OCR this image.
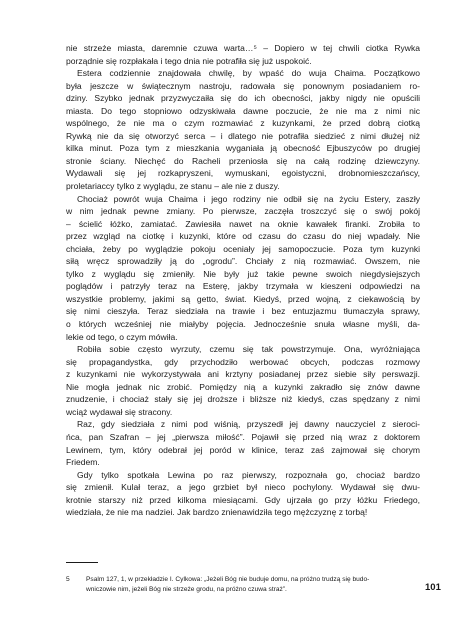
nie strzeże miasta, daremnie czuwa warta…⁵ – Dopiero w tej chwili ciotka Rywka
porządnie się rozpłakała i tego dnia nie potrafiła się już uspokoić.
Estera codziennie znajdowała chwilę, by wpaść do wuja Chaima. Początkowo
była jeszcze w świątecznym nastroju, radowała się ponownym posiadaniem ro-
dziny. Szybko jednak przyzwyczaiła się do ich obecności, jakby nigdy nie opuścili
miasta. Do tego stopniowo odzyskiwała dawne poczucie, że nie ma z nimi nic
wspólnego, że nie ma o czym rozmawiać z kuzynkami, że przed dobrą ciotką
Rywką nie da się otworzyć serca – i dlatego nie potrafiła siedzieć z nimi dłużej niż
kilka minut. Poza tym z mieszkania wyganiała ją obecność Ejbuszyców po drugiej
stronie ściany. Niechęć do Racheli przeniosła się na całą rodzinę dziewczyny.
Wydawali się jej rozkapryszeni, wymuskani, egoistyczni, drobnomieszczańscy,
proletariaccy tylko z wyglądu, ze stanu – ale nie z duszy.
Chociaż powrót wuja Chaima i jego rodziny nie odbił się na życiu Estery, zaszły
w nim jednak pewne zmiany. Po pierwsze, zaczęła troszczyć się o swój pokój
– ścielić łóżko, zamiatać. Zawiesiła nawet na oknie kawałek firanki. Zrobiła to
przez wzgląd na ciotkę i kuzynki, które od czasu do czasu do niej wpadały. Nie
chciała, żeby po wyglądzie pokoju oceniały jej samopoczucie. Poza tym kuzynki
siłą wręcz sprowadziły ją do „ogrodu”. Chciały z nią rozmawiać. Owszem, nie
tylko z wyglądu się zmieniły. Nie były już takie pewne swoich niegdysiejszych
poglądów i patrzyły teraz na Esterę, jakby trzymała w kieszeni odpowiedzi na
wszystkie problemy, jakimi są getto, świat. Kiedyś, przed wojną, z ciekawością by
się nimi cieszyła. Teraz siedziała na trawie i bez entuzjazmu tłumaczyła sprawy,
o których wcześniej nie miałyby pojęcia. Jednocześnie snuła własne myśli, da-
lekie od tego, o czym mówiła.
Robiła sobie często wyrzuty, czemu się tak powstrzymuje. Ona, wyróżniająca
się propagandystka, gdy przychodziło werbować obcych, podczas rozmowy
z kuzynkami nie wykorzystywała ani krztyny posiadanej przez siebie siły perswazji.
Nie mogła jednak nic zrobić. Pomiędzy nią a kuzynki zakradło się znów dawne
znudzenie, i chociaż stały się jej droższe i bliższe niż kiedyś, czas spędzany z nimi
wciąż wydawał się stracony.
Raz, gdy siedziała z nimi pod wiśnią, przyszedł jej dawny nauczyciel z sieroci-
ńca, pan Szafran – jej „pierwsza miłość”. Pojawił się przed nią wraz z doktorem
Lewinem, tym, który odebrał jej poród w klinice, teraz zaś zajmował się chorym
Friedem.
Gdy tylko spotkała Lewina po raz pierwszy, rozpoznała go, chociaż bardzo
się zmienił. Kulał teraz, a jego grzbiet był nieco pochylony. Wydawał się dwu-
krotnie starszy niż przed kilkoma miesiącami. Gdy ujrzała go przy łóżku Friedego,
wiedziała, że nie ma nadziei. Jak bardzo znienawidziła tego mężczyznę z torbą!
5 Psalm 127, 1, w przekładzie I. Cylkowa: „Jeżeli Bóg nie buduje domu, na próżno trudzą się budo-
wniczowie nim, jeżeli Bóg nie strzeże grodu, na próżno czuwa straż”.	101
